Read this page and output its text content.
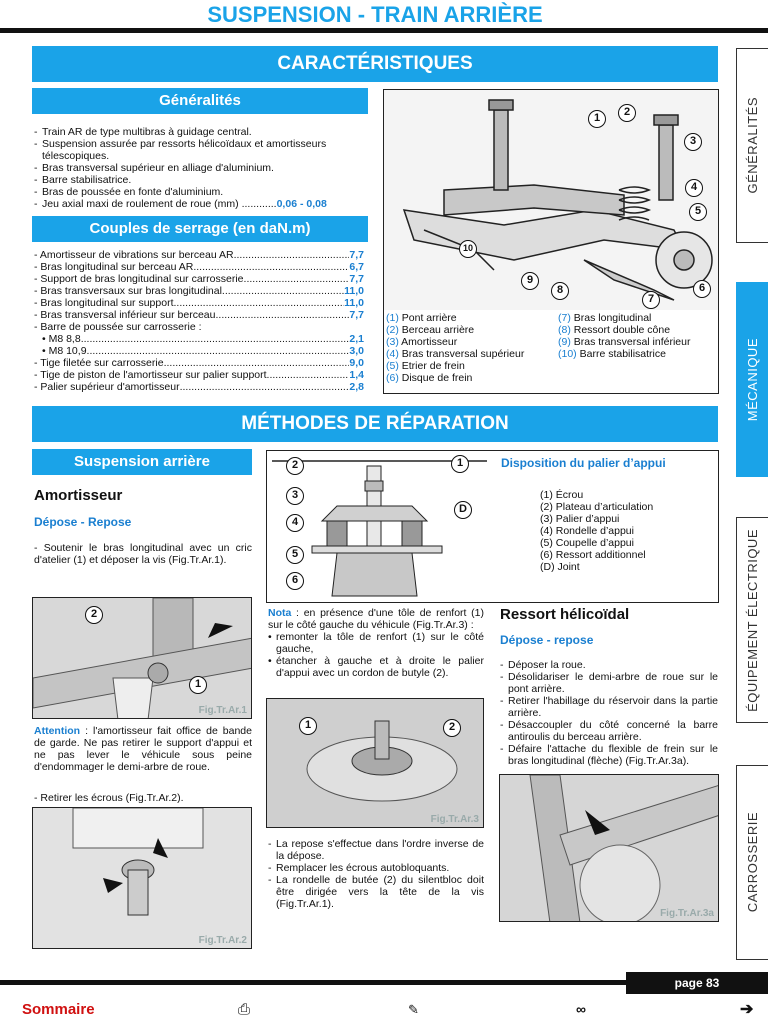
SUSPENSION - TRAIN ARRIÈRE
GÉNÉRALITÉS
MÉCANIQUE
ÉQUIPEMENT ÉLECTRIQUE
CARROSSERIE
CARACTÉRISTIQUES
Généralités
- Train AR de type multibras à guidage central.
- Suspension assurée par ressorts hélicoïdaux et amortisseurs télescopiques.
- Bras transversal supérieur en alliage d'aluminium.
- Barre stabilisatrice.
- Bras de poussée en fonte d'aluminium.
- Jeu axial maxi de roulement de roue (mm) ............0,06 - 0,08
Couples de serrage (en daN.m)
- Amortisseur de vibrations sur berceau AR .....	7,7
- Bras longitudinal sur berceau AR .....	6,7
- Support de bras longitudinal sur carrosserie .....	7,7
- Bras transversaux sur bras longitudinal .....	11,0
- Bras longitudinal sur support .....	11,0
- Bras transversal inférieur sur berceau .....	7,7
- Barre de poussée sur carrosserie :
• M8 8,8 .....	2,1
• M8 10,9 .....	3,0
- Tige filetée sur carrosserie .....	9,0
- Tige de piston de l'amortisseur sur palier support .....	1,4
- Palier supérieur d'amortisseur .....	2,8
1	2
3
4
5
6
7
8
9
10
(1) Pont arrière
(2) Berceau arrière
(3) Amortisseur
(4) Bras transversal supérieur
(5) Etrier de frein
(6) Disque de frein
(7) Bras longitudinal
(8) Ressort double cône
(9) Bras transversal inférieur
(10) Barre stabilisatrice
MÉTHODES DE RÉPARATION
Suspension arrière
Amortisseur
Dépose - Repose
- Soutenir le bras longitudinal avec un cric d'atelier (1) et déposer la vis (Fig.Tr.Ar.1).
2
1
Fig.Tr.Ar.1
Attention : l'amortisseur fait office de bande de garde. Ne pas retirer le support d'appui et ne pas lever le véhicule sous peine d'endommager le demi-arbre de roue.
- Retirer les écrous (Fig.Tr.Ar.2).
Fig.Tr.Ar.2
2	1
3
4
D
5
6
Disposition du palier d’appui
(1) Écrou
(2) Plateau d’articulation
(3) Palier d’appui
(4) Rondelle d’appui
(5) Coupelle d’appui
(6) Ressort additionnel
(D) Joint
Nota : en présence d'une tôle de renfort (1) sur le côté gauche du véhicule (Fig.Tr.Ar.3) :
• remonter la tôle de renfort (1) sur le côté gauche,
• étancher à gauche et à droite le palier d'appui avec un cordon de butyle (2).
1	2
Fig.Tr.Ar.3
- La repose s'effectue dans l'ordre inverse de la dépose.
- Remplacer les écrous autobloquants.
- La rondelle de butée (2) du silentbloc doit être dirigée vers la tête de la vis (Fig.Tr.Ar.1).
Ressort hélicoïdal
Dépose - repose
- Déposer la roue.
- Désolidariser le demi-arbre de roue sur le pont arrière.
- Retirer l'habillage du réservoir dans la partie arrière.
- Désaccoupler du côté concerné la barre antiroulis du berceau arrière.
- Défaire l'attache du flexible de frein sur le bras longitudinal (flèche) (Fig.Tr.Ar.3a).
Fig.Tr.Ar.3a
page 83
Sommaire	⎙	✎	∞	➔
